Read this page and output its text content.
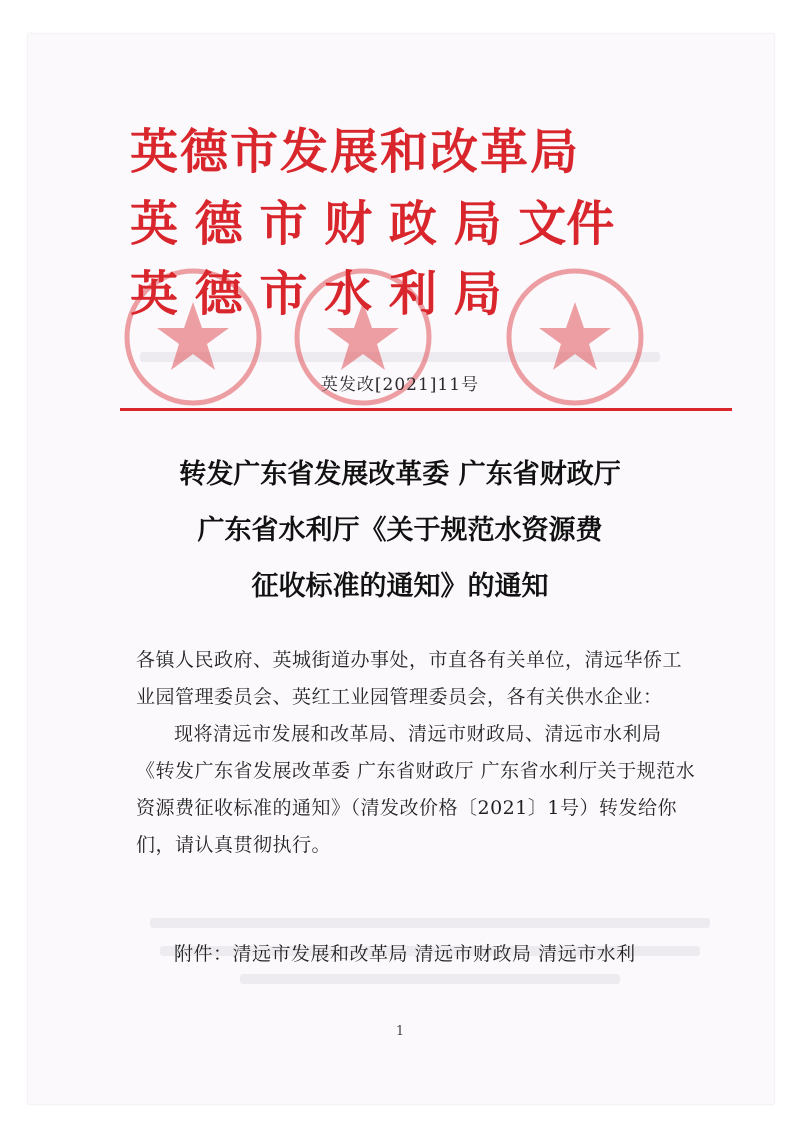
英德市发展和改革局
英 德 市 财 政 局 文件
英 德 市 水 利 局
英发改[2021]11号
转发广东省发展改革委 广东省财政厅
广东省水利厅《关于规范水资源费
征收标准的通知》的通知

各镇人民政府、英城街道办事处，市直各有关单位，清远华侨工业园管理委员会、英红工业园管理委员会，各有关供水企业：

现将清远市发展和改革局、清远市财政局、清远市水利局《转发广东省发展改革委 广东省财政厅 广东省水利厅关于规范水资源费征收标准的通知》（清发改价格〔2021〕1号）转发给你们，请认真贯彻执行。

附件：清远市发展和改革局 清远市财政局 清远市水利

1
